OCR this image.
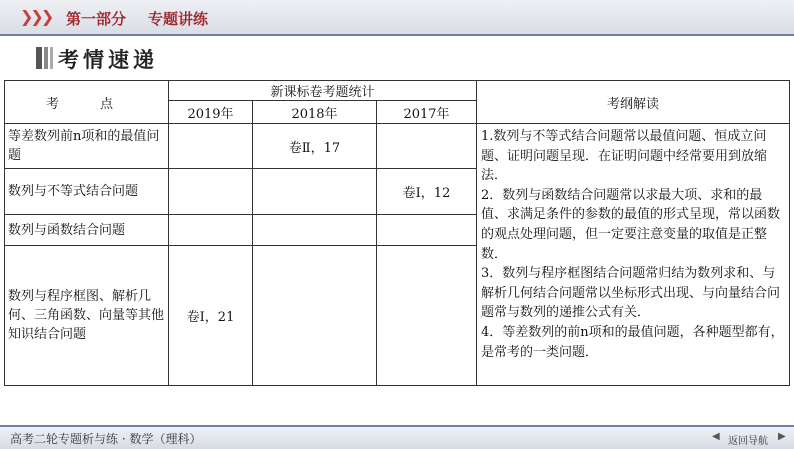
❯❯❯ 第一部分 专题讲练
考情速递
考　点	新课标卷考题统计			考纲解读
	2019年	2018年	2017年	
等差数列前n项和的最值问题		卷Ⅱ，17		1.数列与不等式结合问题常以最值问题、恒成立问题、证明问题呈现．在证明问题中经常要用到放缩法．

2．数列与函数结合问题常以求最大项、求和的最值、求满足条件的参数的最值的形式呈现，常以函数的观点处理问题，但一定要注意变量的取值是正整数．

3．数列与程序框图结合问题常归结为数列求和、与解析几何结合问题常以坐标形式出现、与向量结合问题常与数列的递推公式有关．

4．等差数列的前n项和的最值问题，各种题型都有，是常考的一类问题．

数列与不等式结合问题			卷Ⅰ，12	
数列与函数结合问题				
数列与程序框图、解析几何、三角函数、向量等其他知识结合问题	卷Ⅰ，21			
高考二轮专题析与练 · 数学（理科）	◀ 返回导航 ▶
